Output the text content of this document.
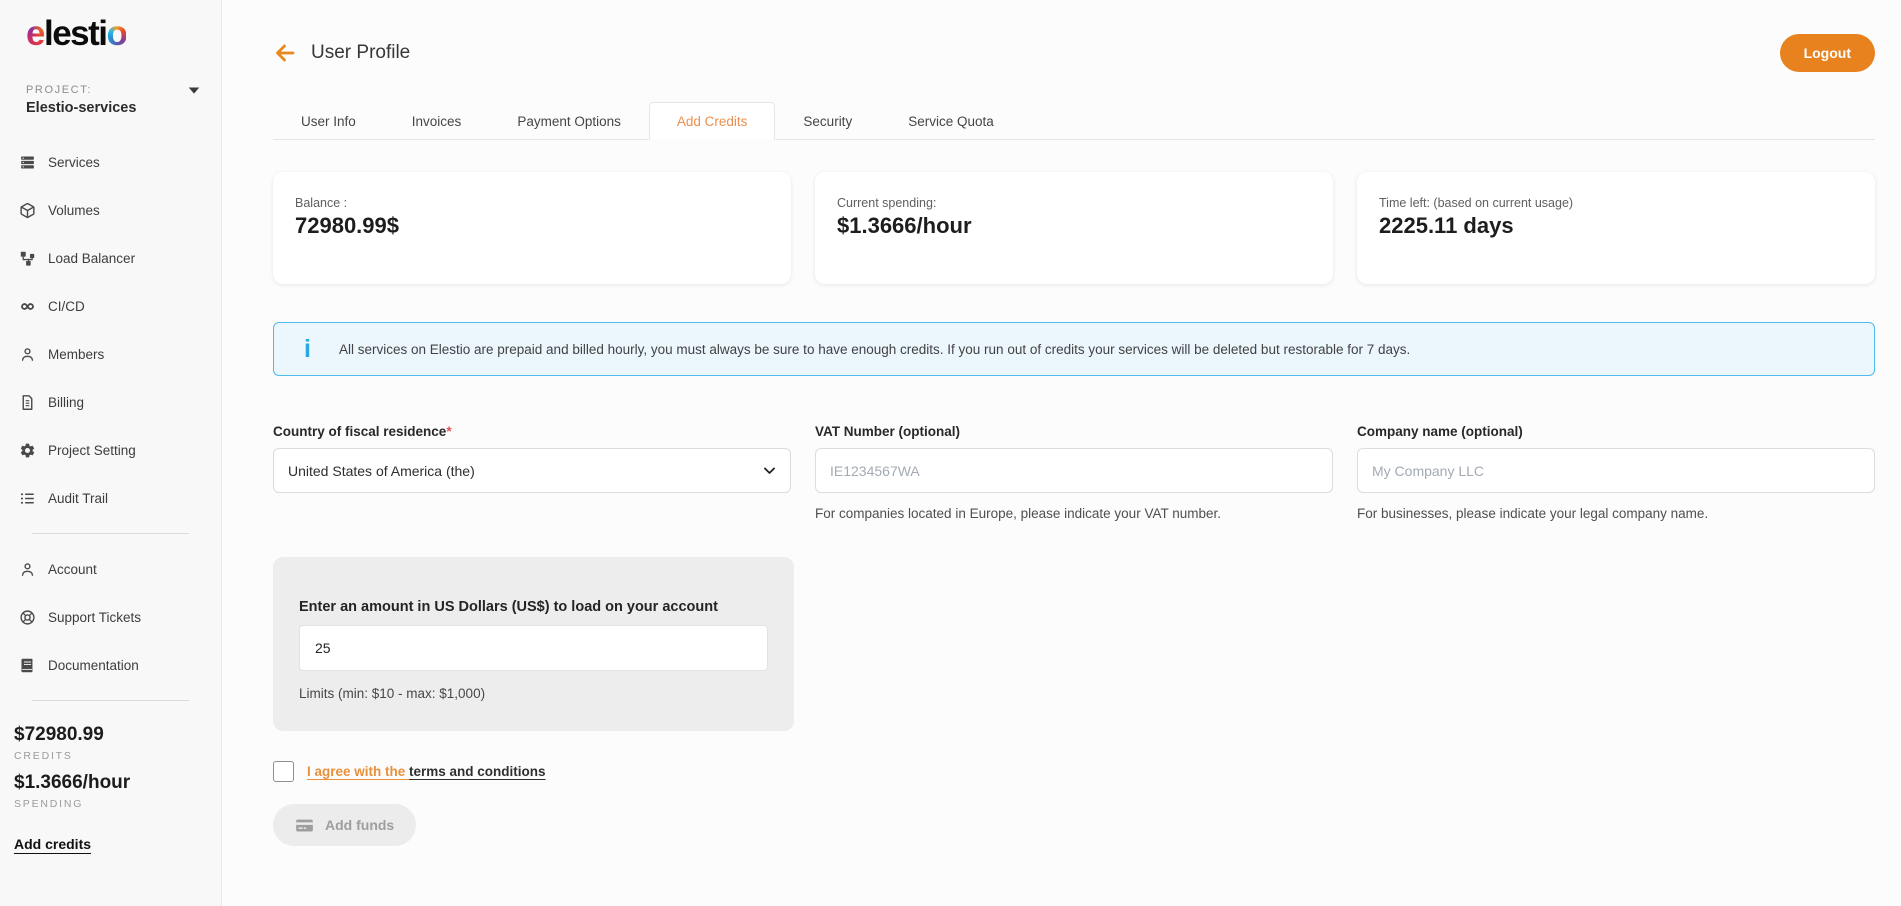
elestio
PROJECT:
Elestio-services
Services
Volumes
Load Balancer
CI/CD
Members
Billing
Project Setting
Audit Trail
Account
Support Tickets
Documentation
$72980.99
CREDITS
$1.3666/hour
SPENDING
Add credits
User Profile	Logout
User Info	Invoices	Payment Options	Add Credits	Security	Service Quota
Balance :
72980.99$
Current spending:
$1.3666/hour
Time left: (based on current usage)
2225.11 days
i All services on Elestio are prepaid and billed hourly, you must always be sure to have enough credits. If you run out of credits your services will be deleted but restorable for 7 days.
Country of fiscal residence*
United States of America (the)	VAT Number (optional)
IE1234567WA
For companies located in Europe, please indicate your VAT number.
Company name (optional)
My Company LLC
For businesses, please indicate your legal company name.
Enter an amount in US Dollars (US$) to load on your account
25
Limits (min: $10 - max: $1,000)
I agree with the terms and conditions
Add funds
